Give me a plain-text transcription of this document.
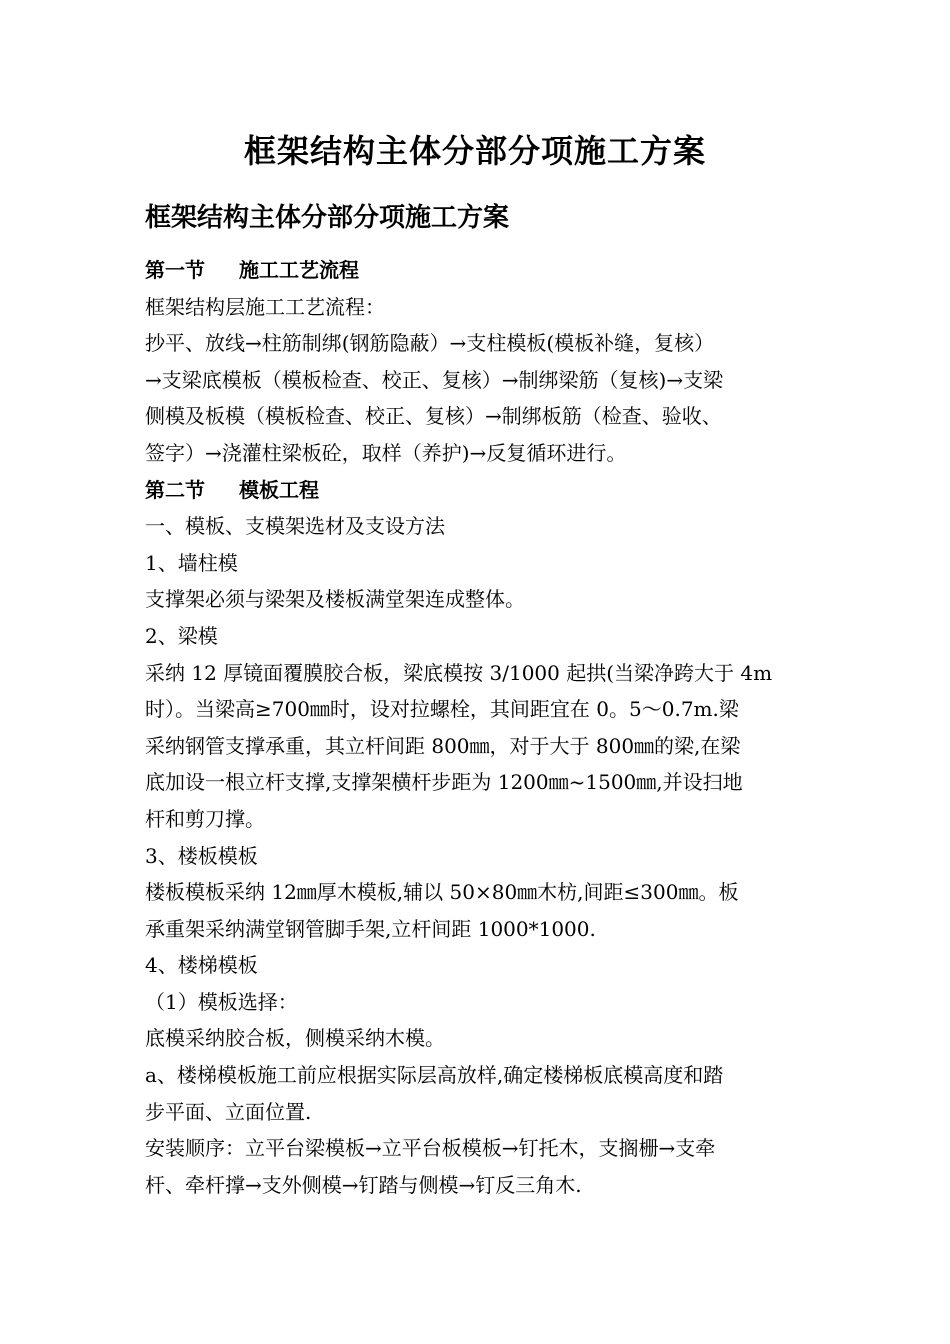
框架结构主体分部分项施工方案
框架结构主体分部分项施工方案
第一节 施工工艺流程
框架结构层施工工艺流程：
抄平、放线→柱筋制绑(钢筋隐蔽）→支柱模板(模板补缝，复核）
→支梁底模板（模板检查、校正、复核）→制绑梁筋（复核)→支梁
侧模及板模（模板检查、校正、复核）→制绑板筋（检查、验收、
签字）→浇灌柱梁板砼，取样（养护)→反复循环进行。
第二节 模板工程
一、模板、支模架选材及支设方法
1、墙柱模
支撑架必须与梁架及楼板满堂架连成整体。
2、梁模
采纳 12 厚镜面覆膜胶合板，梁底模按 3/1000 起拱(当梁净跨大于 4m
时）。当梁高≥700㎜时，设对拉螺栓，其间距宜在 0。5～0.7m.梁
采纳钢管支撑承重，其立杆间距 800㎜，对于大于 800㎜的梁,在梁
底加设一根立杆支撑,支撑架横杆步距为 1200㎜~1500㎜,并设扫地
杆和剪刀撑。
3、楼板模板
楼板模板采纳 12㎜厚木模板,辅以 50×80㎜木枋,间距≤300㎜。板
承重架采纳满堂钢管脚手架,立杆间距 1000*1000.
4、楼梯模板
（1）模板选择：
底模采纳胶合板，侧模采纳木模。
a、楼梯模板施工前应根据实际层高放样,确定楼梯板底模高度和踏
步平面、立面位置.
安装顺序：立平台梁模板→立平台板模板→钉托木，支搁栅→支牵
杆、牵杆撑→支外侧模→钉踏与侧模→钉反三角木.
